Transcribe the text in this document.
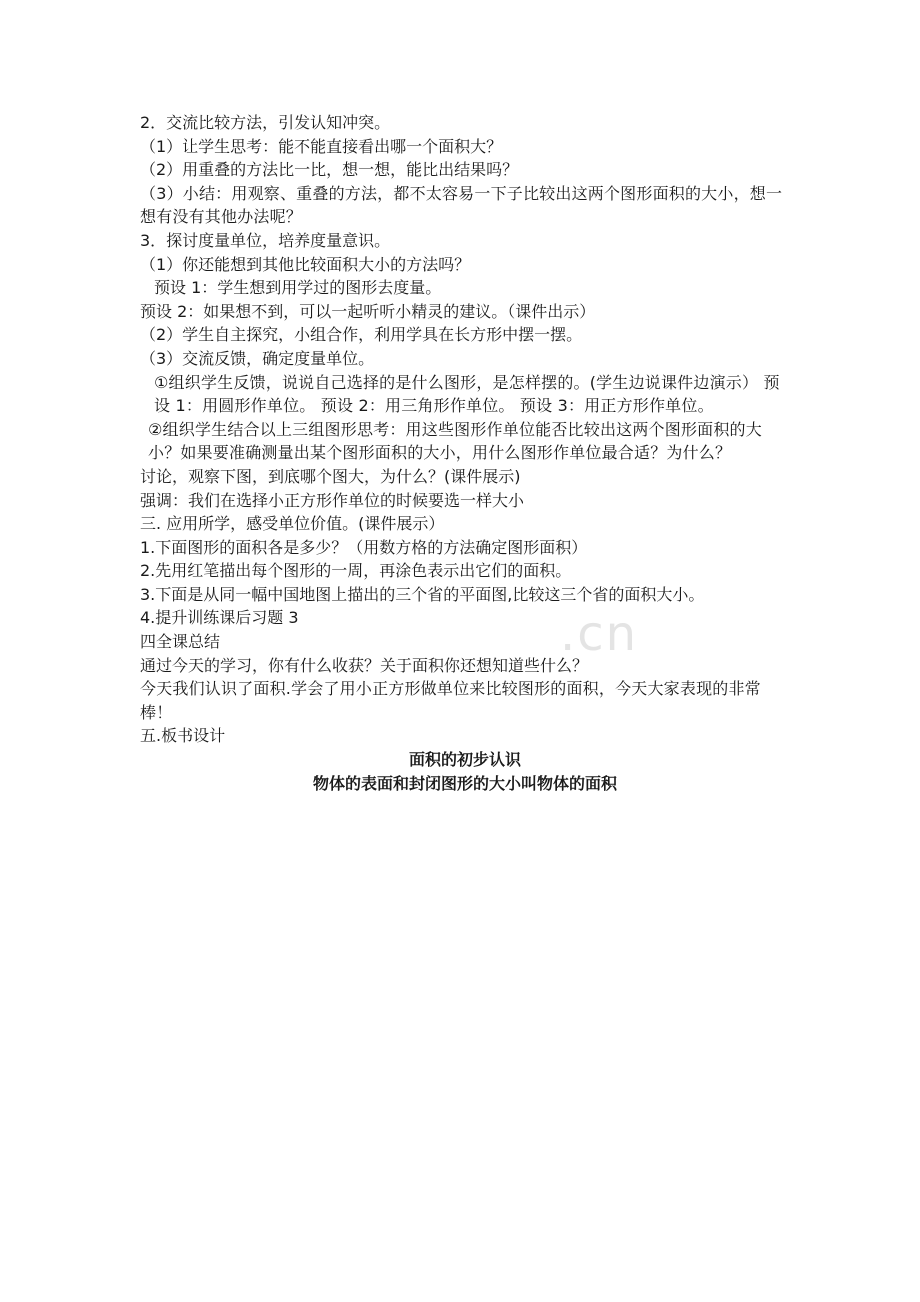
.cn
2．交流比较方法，引发认知冲突。
（1）让学生思考：能不能直接看出哪一个面积大？
（2）用重叠的方法比一比，想一想，能比出结果吗？
（3）小结：用观察、重叠的方法，都不太容易一下子比较出这两个图形面积的大小，想一想有没有其他办法呢？
3．探讨度量单位，培养度量意识。
（1）你还能想到其他比较面积大小的方法吗？
预设 1：学生想到用学过的图形去度量。
预设 2：如果想不到，可以一起听听小精灵的建议。（课件出示）
（2）学生自主探究，小组合作，利用学具在长方形中摆一摆。
（3）交流反馈，确定度量单位。
①组织学生反馈，说说自己选择的是什么图形，是怎样摆的。(学生边说课件边演示） 预设 1：用圆形作单位。 预设 2：用三角形作单位。 预设 3：用正方形作单位。
②组织学生结合以上三组图形思考：用这些图形作单位能否比较出这两个图形面积的大小？如果要准确测量出某个图形面积的大小，用什么图形作单位最合适？为什么？
讨论，观察下图，到底哪个图大，为什么？(课件展示)
强调：我们在选择小正方形作单位的时候要选一样大小
三. 应用所学，感受单位价值。(课件展示）
1.下面图形的面积各是多少？（用数方格的方法确定图形面积）
2.先用红笔描出每个图形的一周，再涂色表示出它们的面积。
3.下面是从同一幅中国地图上描出的三个省的平面图,比较这三个省的面积大小。
4.提升训练课后习题 3
四全课总结
通过今天的学习，你有什么收获？关于面积你还想知道些什么？
今天我们认识了面积.学会了用小正方形做单位来比较图形的面积，今天大家表现的非常棒！
五.板书设计
面积的初步认识
物体的表面和封闭图形的大小叫物体的面积
